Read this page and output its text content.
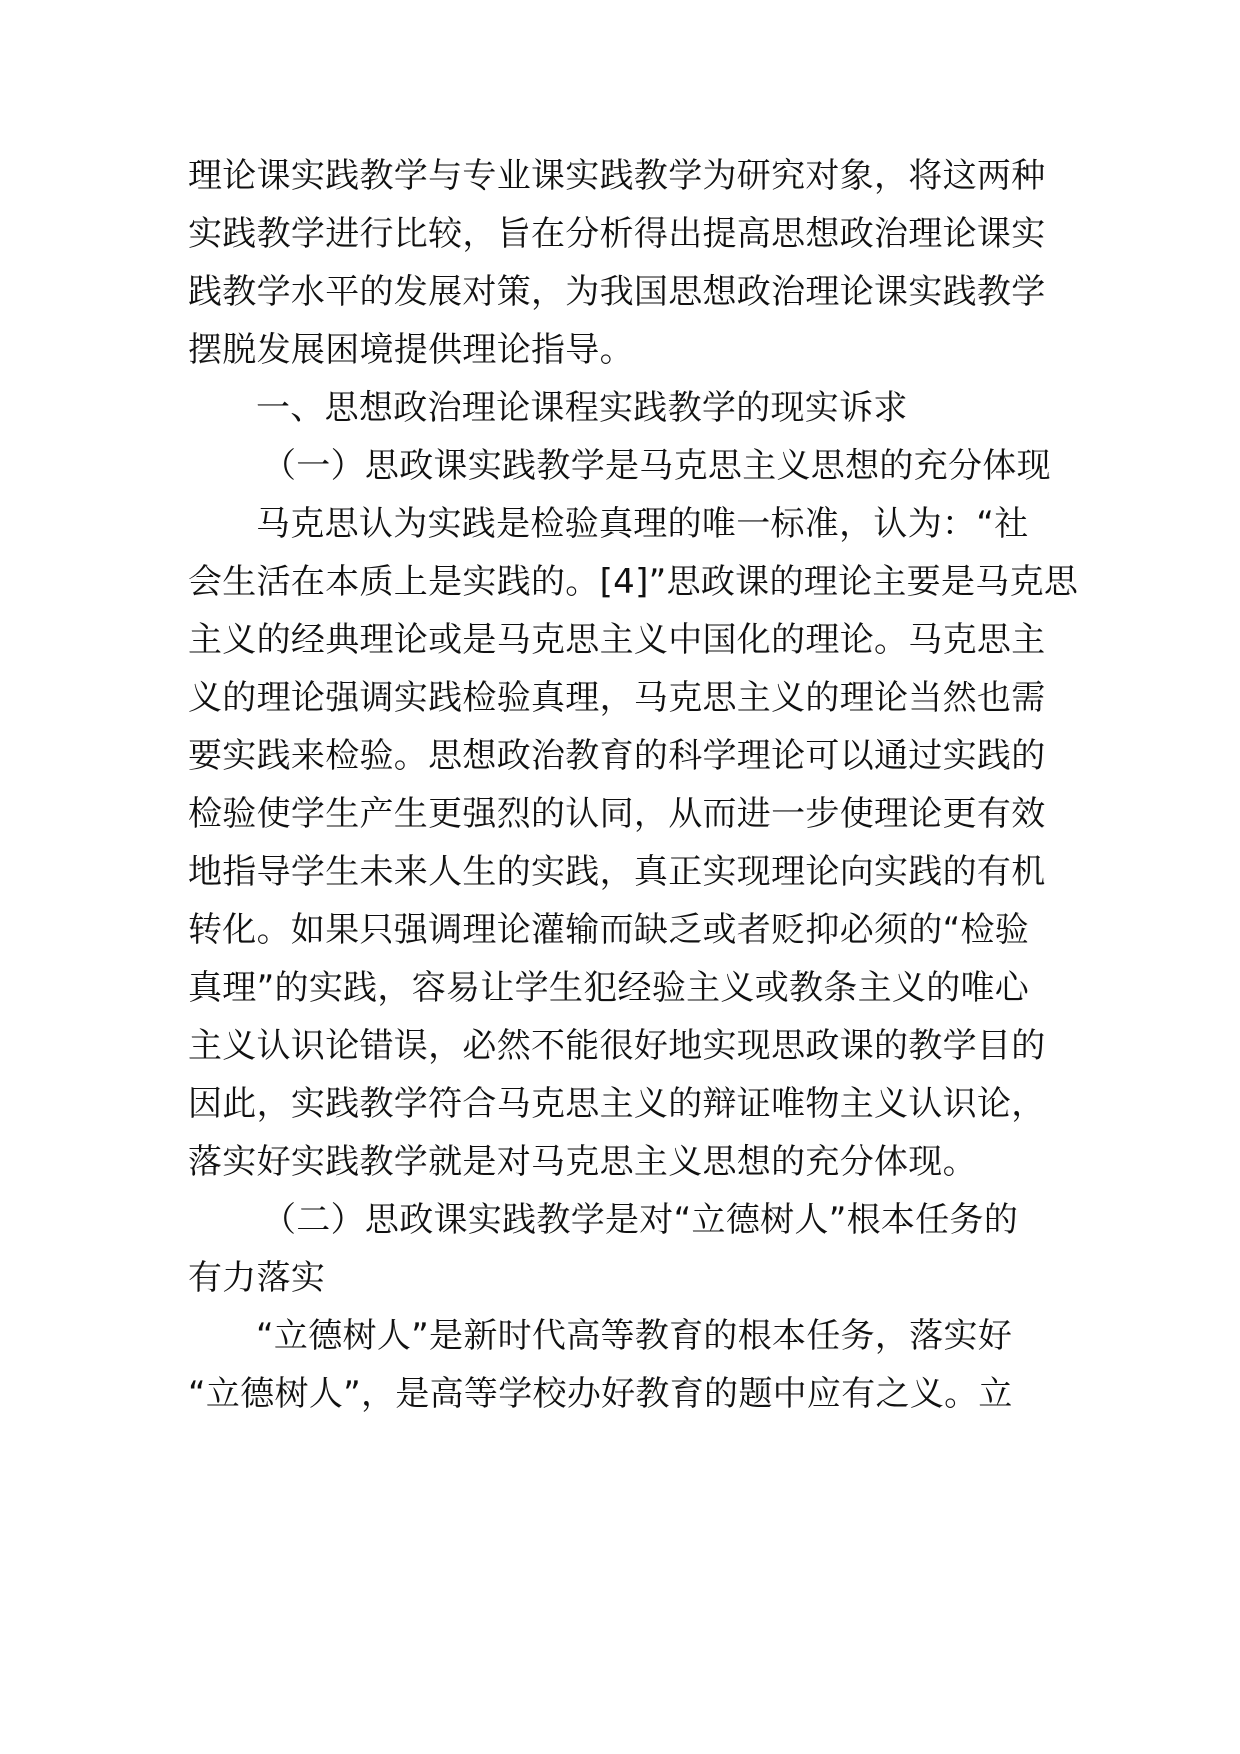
理论课实践教学与专业课实践教学为研究对象，将这两种
实践教学进行比较，旨在分析得出提高思想政治理论课实
践教学水平的发展对策，为我国思想政治理论课实践教学
摆脱发展困境提供理论指导。
一、思想政治理论课程实践教学的现实诉求
（一）思政课实践教学是马克思主义思想的充分体现
马克思认为实践是检验真理的唯一标准，认为：“社
会生活在本质上是实践的。[4]”思政课的理论主要是马克思
主义的经典理论或是马克思主义中国化的理论。马克思主
义的理论强调实践检验真理，马克思主义的理论当然也需
要实践来检验。思想政治教育的科学理论可以通过实践的
检验使学生产生更强烈的认同，从而进一步使理论更有效
地指导学生未来人生的实践，真正实现理论向实践的有机
转化。如果只强调理论灌输而缺乏或者贬抑必须的“检验
真理”的实践，容易让学生犯经验主义或教条主义的唯心
主义认识论错误，必然不能很好地实现思政课的教学目的
因此，实践教学符合马克思主义的辩证唯物主义认识论，
落实好实践教学就是对马克思主义思想的充分体现。
（二）思政课实践教学是对“立德树人”根本任务的
有力落实
“立德树人”是新时代高等教育的根本任务，落实好
“立德树人”，是高等学校办好教育的题中应有之义。立
